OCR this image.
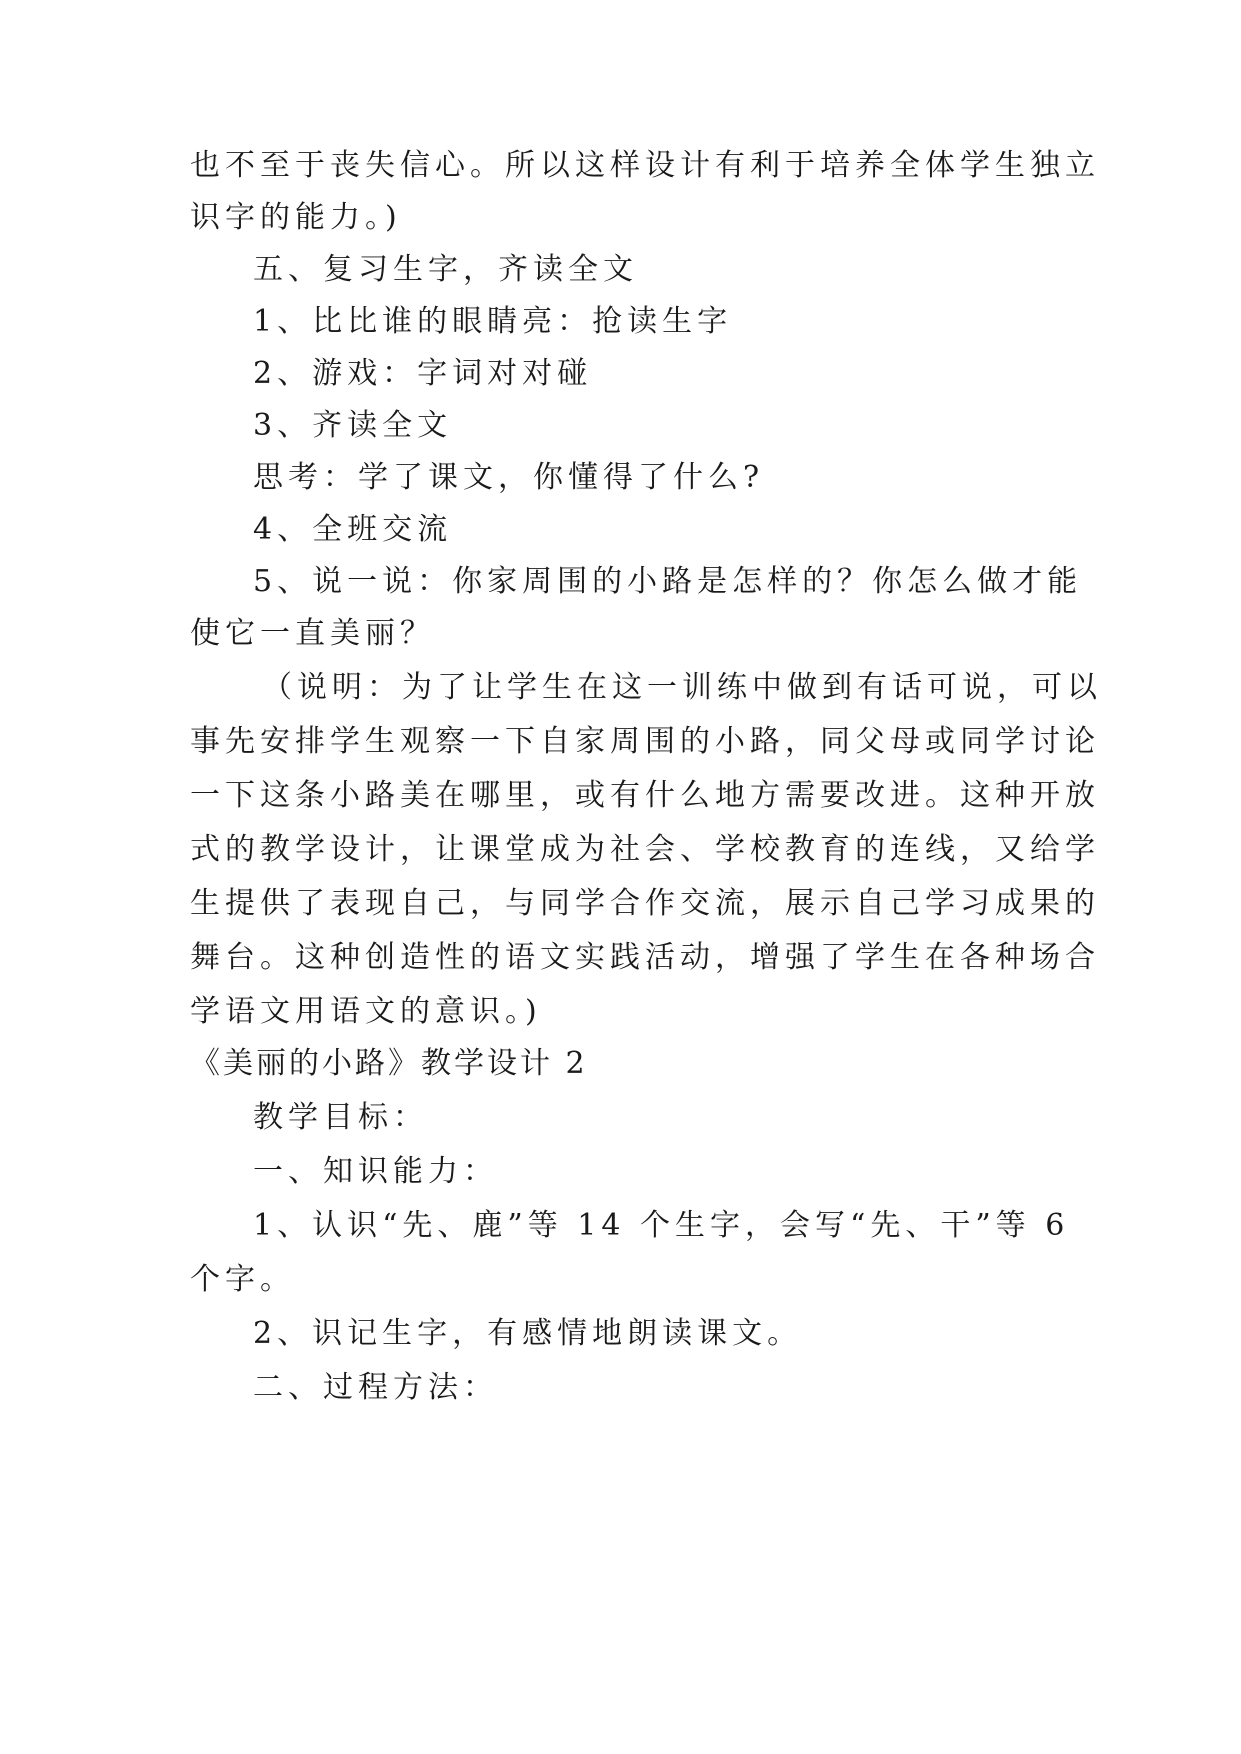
也不至于丧失信心。所以这样设计有利于培养全体学生独立
识字的能力。)
五、复习生字，齐读全文
1、比比谁的眼睛亮：抢读生字
2、游戏：字词对对碰
3、齐读全文
思考：学了课文，你懂得了什么?
4、全班交流
5、说一说：你家周围的小路是怎样的？你怎么做才能
使它一直美丽？
（说明：为了让学生在这一训练中做到有话可说，可以
事先安排学生观察一下自家周围的小路，同父母或同学讨论
一下这条小路美在哪里，或有什么地方需要改进。这种开放
式的教学设计，让课堂成为社会、学校教育的连线，又给学
生提供了表现自己，与同学合作交流，展示自己学习成果的
舞台。这种创造性的语文实践活动，增强了学生在各种场合
学语文用语文的意识。)
《美丽的小路》教学设计 2
教学目标：
一、知识能力：
1、认识“先、鹿”等 14 个生字，会写“先、干”等 6
个字。
2、识记生字，有感情地朗读课文。
二、过程方法：
